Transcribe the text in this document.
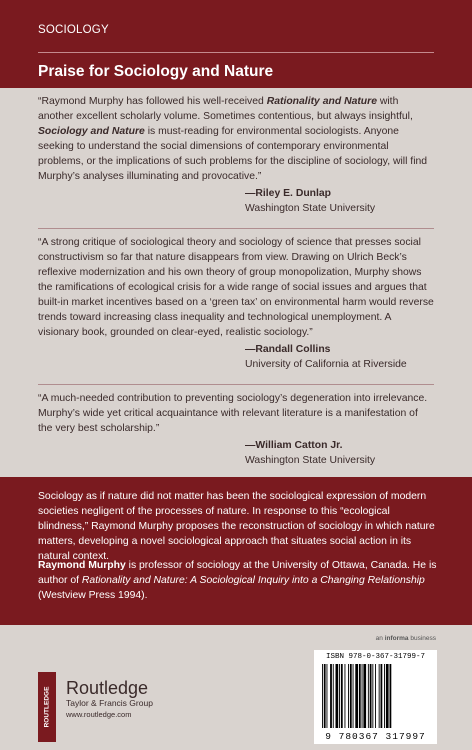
SOCIOLOGY
Praise for Sociology and Nature

“Raymond Murphy has followed his well-received Rationality and Nature with another excellent scholarly volume. Sometimes contentious, but always insightful, Sociology and Nature is must-reading for environmental sociologists. Anyone seeking to understand the social dimensions of contemporary environmental problems, or the implications of such problems for the discipline of sociology, will find Murphy’s analyses illuminating and provocative.”

—Riley E. Dunlap
Washington State University

“A strong critique of sociological theory and sociology of science that presses social constructivism so far that nature disappears from view. Drawing on Ulrich Beck’s reflexive modernization and his own theory of group monopolization, Murphy shows the ramifications of ecological crisis for a wide range of social issues and argues that built-in market incentives based on a ‘green tax’ on environmental harm would reverse trends toward increasing class inequality and technological unemployment. A visionary book, grounded on clear-eyed, realistic sociology.”

—Randall Collins
University of California at Riverside

“A much-needed contribution to preventing sociology’s degeneration into irrelevance. Murphy’s wide yet critical acquaintance with relevant literature is a manifestation of the very best scholarship.”

—William Catton Jr.
Washington State University

Sociology as if nature did not matter has been the sociological expression of modern societies negligent of the processes of nature. In response to this “ecological blindness,” Raymond Murphy proposes the reconstruction of sociology in which nature matters, developing a novel sociological approach that situates social action in its natural context.

Raymond Murphy is professor of sociology at the University of Ottawa, Canada. He is author of Rationality and Nature: A Sociological Inquiry into a Changing Relationship (Westview Press 1994).

an informa business
ROUTLEDGE Routledge
Taylor & Francis Group
www.routledge.com
ISBN 978-0-367-31799-7
9 780367 317997
